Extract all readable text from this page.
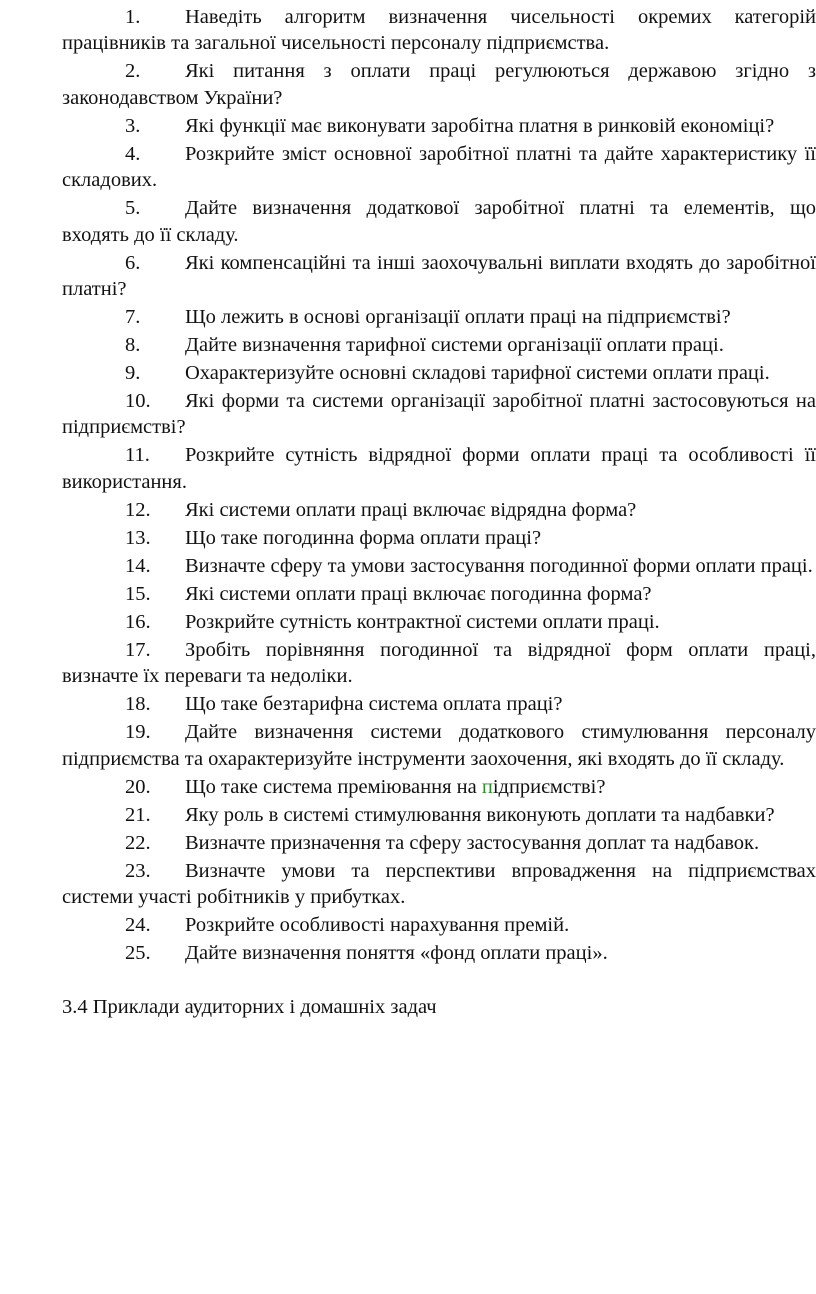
1. Наведіть алгоритм визначення чисельності окремих категорій працівників та загальної чисельності персоналу підприємства.

2. Які питання з оплати праці регулюються державою згідно з законодавством України?

3. Які функції має виконувати заробітна платня в ринковій економіці?

4. Розкрийте зміст основної заробітної платні та дайте характеристику її складових.

5. Дайте визначення додаткової заробітної платні та елементів, що входять до її складу.

6. Які компенсаційні та інші заохочувальні виплати входять до заробітної платні?

7. Що лежить в основі організації оплати праці на підприємстві?

8. Дайте визначення тарифної системи організації оплати праці.

9. Охарактеризуйте основні складові тарифної системи оплати праці.

10. Які форми та системи організації заробітної платні застосовуються на підприємстві?

11. Розкрийте сутність відрядної форми оплати праці та особливості її використання.

12. Які системи оплати праці включає відрядна форма?

13. Що таке погодинна форма оплати праці?

14. Визначте сферу та умови застосування погодинної форми оплати праці.

15. Які системи оплати праці включає погодинна форма?

16. Розкрийте сутність контрактної системи оплати праці.

17. Зробіть порівняння погодинної та відрядної форм оплати праці, визначте їх переваги та недоліки.

18. Що таке безтарифна система оплата праці?

19. Дайте визначення системи додаткового стимулювання персоналу підприємства та охарактеризуйте інструменти заохочення, які входять до її складу.

20. Що таке система преміювання на підприємстві?

21. Яку роль в системі стимулювання виконують доплати та надбавки?

22. Визначте призначення та сферу застосування доплат та надбавок.

23. Визначте умови та перспективи впровадження на підприємствах системи участі робітників у прибутках.

24. Розкрийте особливості нарахування премій.

25. Дайте визначення поняття «фонд оплати праці».

3.4 Приклади аудиторних і домашніх задач
